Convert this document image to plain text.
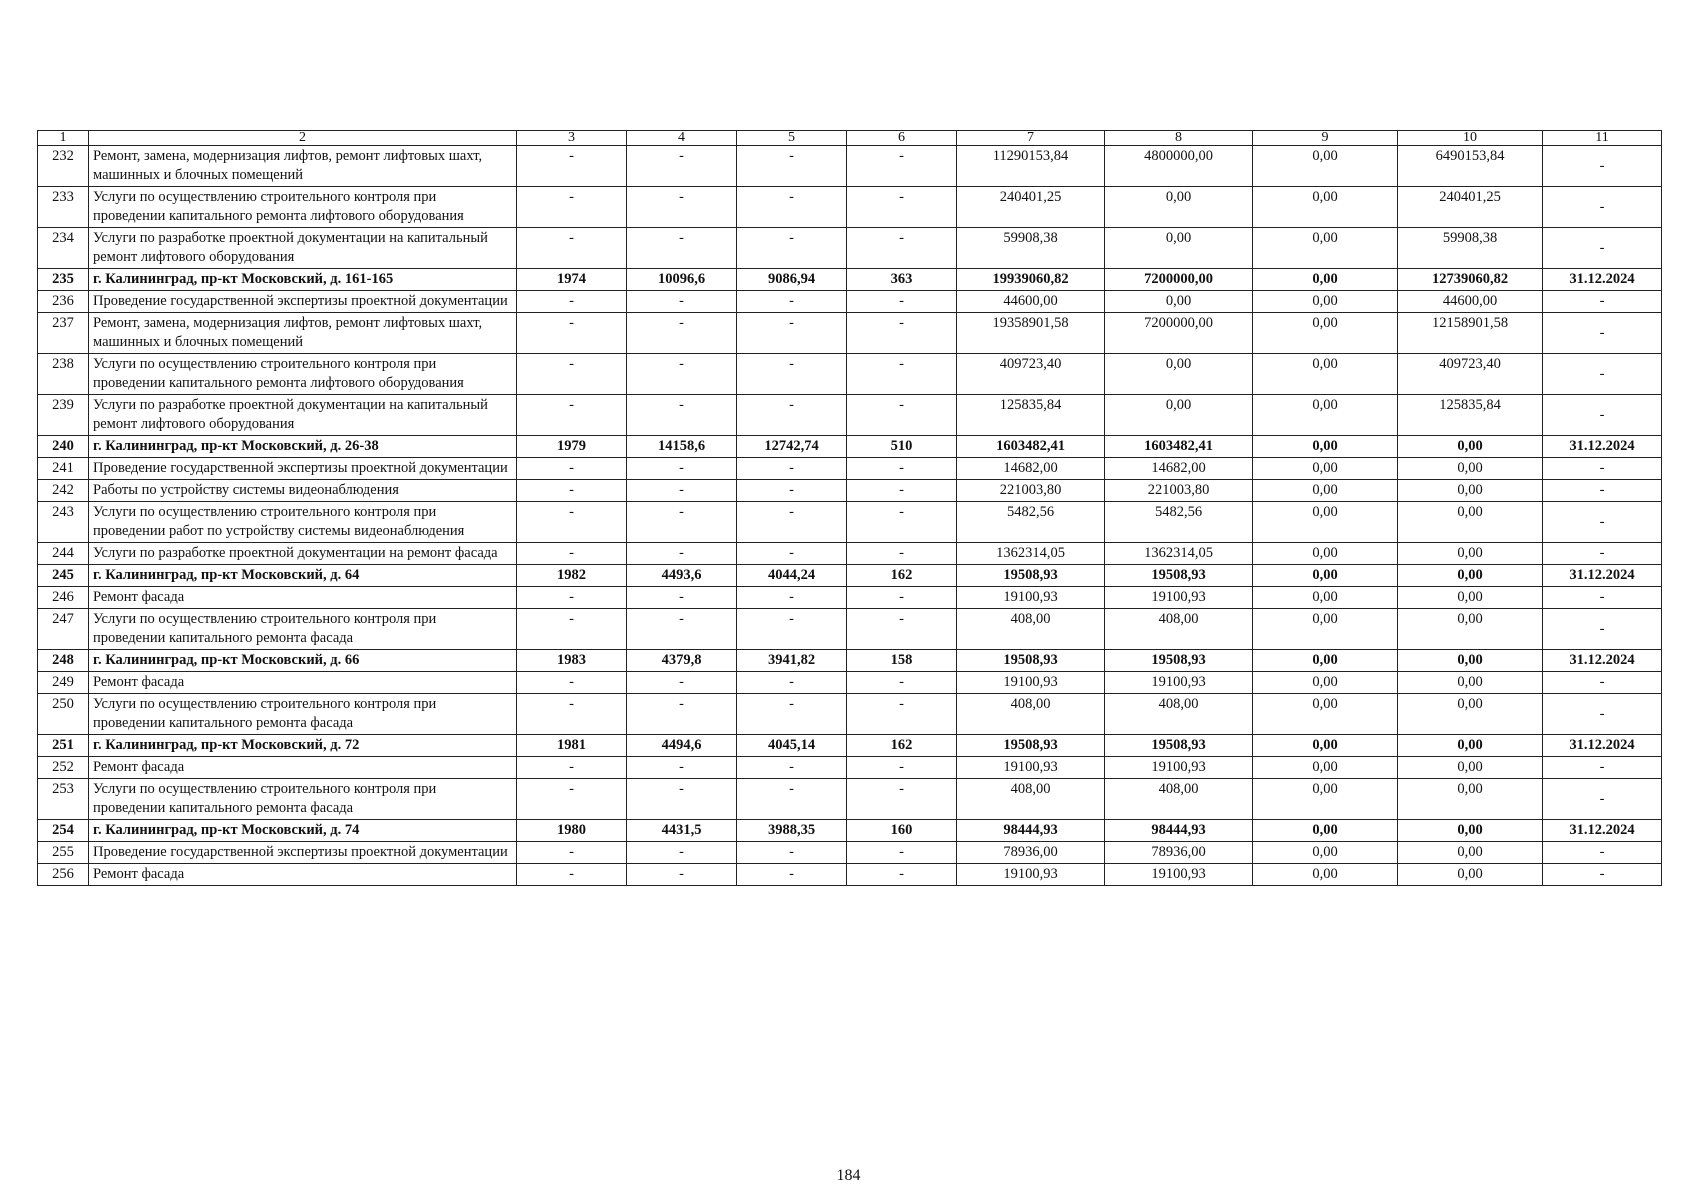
1	2	3	4	5	6	7	8	9	10	11
232	Ремонт, замена, модернизация лифтов, ремонт лифтовых шахт, машинных и блочных помещений	-	-	-	-	11290153,84	4800000,00	0,00	6490153,84	-
233	Услуги по осуществлению строительного контроля при проведении капитального ремонта лифтового оборудования	-	-	-	-	240401,25	0,00	0,00	240401,25	-
234	Услуги по разработке проектной документации на капитальный ремонт лифтового оборудования	-	-	-	-	59908,38	0,00	0,00	59908,38	-
235	г. Калининград, пр-кт Московский, д. 161-165	1974	10096,6	9086,94	363	19939060,82	7200000,00	0,00	12739060,82	31.12.2024
236	Проведение государственной экспертизы проектной документации	-	-	-	-	44600,00	0,00	0,00	44600,00	-
237	Ремонт, замена, модернизация лифтов, ремонт лифтовых шахт, машинных и блочных помещений	-	-	-	-	19358901,58	7200000,00	0,00	12158901,58	-
238	Услуги по осуществлению строительного контроля при проведении капитального ремонта лифтового оборудования	-	-	-	-	409723,40	0,00	0,00	409723,40	-
239	Услуги по разработке проектной документации на капитальный ремонт лифтового оборудования	-	-	-	-	125835,84	0,00	0,00	125835,84	-
240	г. Калининград, пр-кт Московский, д. 26-38	1979	14158,6	12742,74	510	1603482,41	1603482,41	0,00	0,00	31.12.2024
241	Проведение государственной экспертизы проектной документации	-	-	-	-	14682,00	14682,00	0,00	0,00	-
242	Работы по устройству системы видеонаблюдения	-	-	-	-	221003,80	221003,80	0,00	0,00	-
243	Услуги по осуществлению строительного контроля при проведении работ по устройству системы видеонаблюдения	-	-	-	-	5482,56	5482,56	0,00	0,00	-
244	Услуги по разработке проектной документации на ремонт фасада	-	-	-	-	1362314,05	1362314,05	0,00	0,00	-
245	г. Калининград, пр-кт Московский, д. 64	1982	4493,6	4044,24	162	19508,93	19508,93	0,00	0,00	31.12.2024
246	Ремонт фасада	-	-	-	-	19100,93	19100,93	0,00	0,00	-
247	Услуги по осуществлению строительного контроля при проведении капитального ремонта фасада	-	-	-	-	408,00	408,00	0,00	0,00	-
248	г. Калининград, пр-кт Московский, д. 66	1983	4379,8	3941,82	158	19508,93	19508,93	0,00	0,00	31.12.2024
249	Ремонт фасада	-	-	-	-	19100,93	19100,93	0,00	0,00	-
250	Услуги по осуществлению строительного контроля при проведении капитального ремонта фасада	-	-	-	-	408,00	408,00	0,00	0,00	-
251	г. Калининград, пр-кт Московский, д. 72	1981	4494,6	4045,14	162	19508,93	19508,93	0,00	0,00	31.12.2024
252	Ремонт фасада	-	-	-	-	19100,93	19100,93	0,00	0,00	-
253	Услуги по осуществлению строительного контроля при проведении капитального ремонта фасада	-	-	-	-	408,00	408,00	0,00	0,00	-
254	г. Калининград, пр-кт Московский, д. 74	1980	4431,5	3988,35	160	98444,93	98444,93	0,00	0,00	31.12.2024
255	Проведение государственной экспертизы проектной документации	-	-	-	-	78936,00	78936,00	0,00	0,00	-
256	Ремонт фасада	-	-	-	-	19100,93	19100,93	0,00	0,00	-
184
